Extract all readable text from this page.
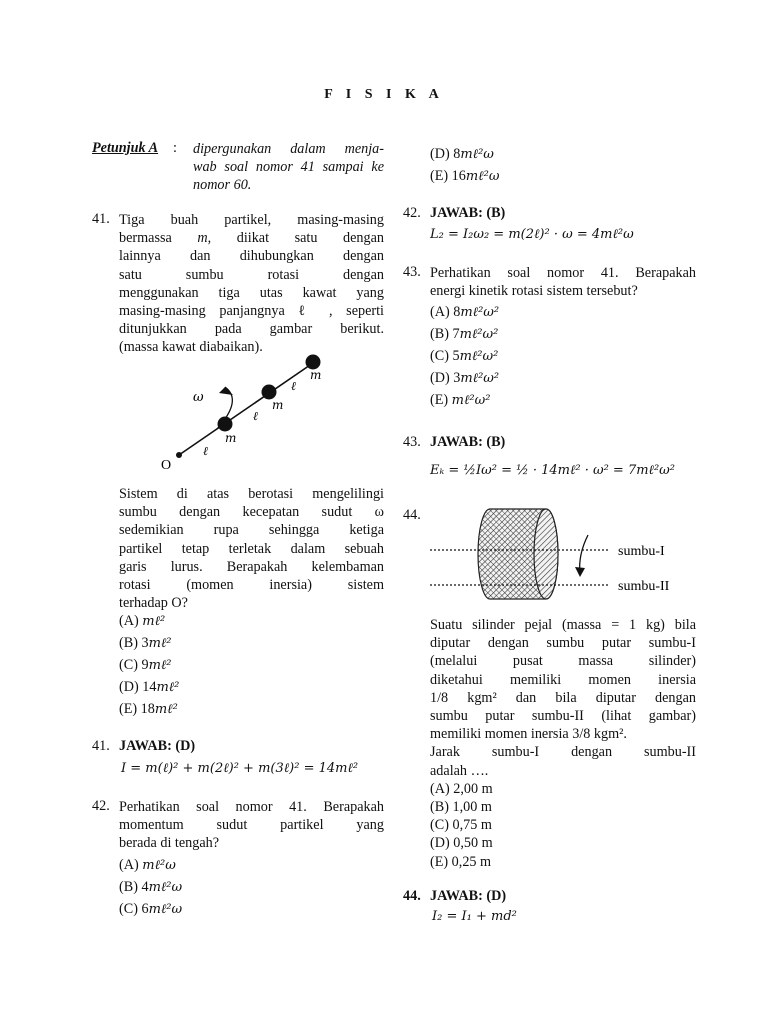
F I S I K A
Petunjuk A : dipergunakan dalam menja-
wab soal nomor 41 sampai ke
nomor 60.
41. Tiga buah partikel, masing-masing
bermassa m, diikat satu dengan
lainnya dan dihubungkan dengan
satu sumbu rotasi dengan
menggunakan tiga utas kawat yang
masing-masing panjangnya ℓ , seperti
ditunjukkan pada gambar berikut.
(massa kawat diabaikan).
ω
m
m
m
ℓ
ℓ
ℓ
O
Sistem di atas berotasi mengelilingi
sumbu dengan kecepatan sudut ω
sedemikian rupa sehingga ketiga
partikel tetap terletak dalam sebuah
garis lurus. Berapakah kelembaman
rotasi (momen inersia) sistem
terhadap O?
(A) mℓ²
(B) 3mℓ²
(C) 9mℓ²
(D) 14mℓ²
(E) 18mℓ²
41. JAWAB: (D)
I = m(ℓ)² + m(2ℓ)² + m(3ℓ)² = 14mℓ²
42. Perhatikan soal nomor 41. Berapakah
momentum sudut partikel yang
berada di tengah?
(A) mℓ²ω
(B) 4mℓ²ω
(C) 6mℓ²ω
(D) 8mℓ²ω
(E) 16mℓ²ω
42. JAWAB: (B)
L₂ = I₂ω₂ = m(2ℓ)² · ω = 4mℓ²ω
43. Perhatikan soal nomor 41. Berapakah
energi kinetik rotasi sistem tersebut?
(A) 8mℓ²ω²
(B) 7mℓ²ω²
(C) 5mℓ²ω²
(D) 3mℓ²ω²
(E) mℓ²ω²
43. JAWAB: (B)
Eₖ = ½Iω² = ½ · 14mℓ² · ω² = 7mℓ²ω²
44.
sumbu-I
sumbu-II
Suatu silinder pejal (massa = 1 kg) bila
diputar dengan sumbu putar sumbu-I
(melalui pusat massa silinder)
diketahui memiliki momen inersia
1/8 kgm² dan bila diputar dengan
sumbu putar sumbu-II (lihat gambar)
memiliki momen inersia 3/8 kgm².
Jarak sumbu-I dengan sumbu-II
adalah ….
(A) 2,00 m
(B) 1,00 m
(C) 0,75 m
(D) 0,50 m
(E) 0,25 m
44. JAWAB: (D)
I₂ = I₁ + md²
